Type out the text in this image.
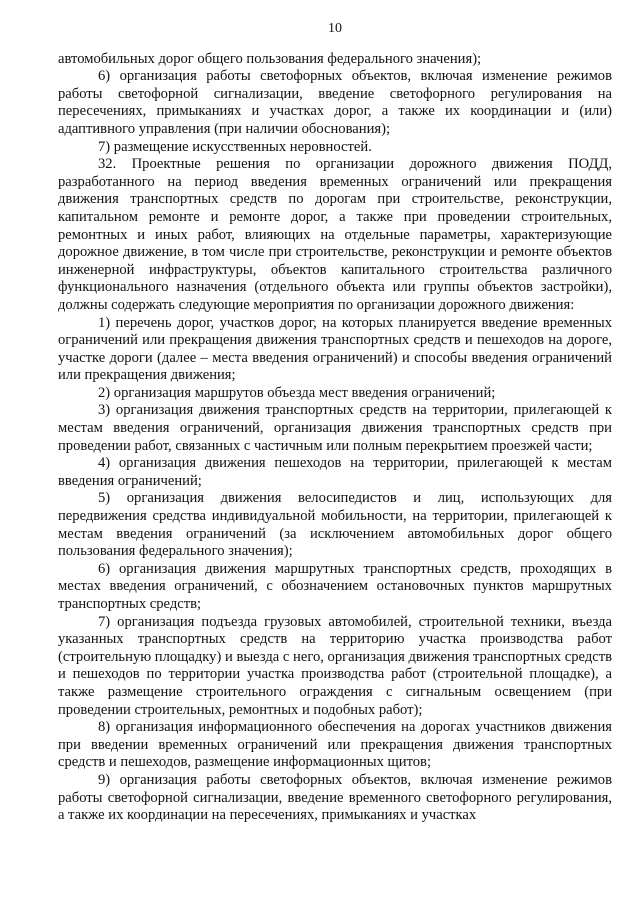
10

автомобильных дорог общего пользования федерального значения);

6) организация работы светофорных объектов, включая изменение режимов работы светофорной сигнализации, введение светофорного регулирования на пересечениях, примыканиях и участках дорог, а также их координации и (или) адаптивного управления (при наличии обоснования);

7) размещение искусственных неровностей.

32. Проектные решения по организации дорожного движения ПОДД, разработанного на период введения временных ограничений или прекращения движения транспортных средств по дорогам при строительстве, реконструкции, капитальном ремонте и ремонте дорог, а также при проведении строительных, ремонтных и иных работ, влияющих на отдельные параметры, характеризующие дорожное движение, в том числе при строительстве, реконструкции и ремонте объектов инженерной инфраструктуры, объектов капитального строительства различного функционального назначения (отдельного объекта или группы объектов застройки), должны содержать следующие мероприятия по организации дорожного движения:

1) перечень дорог, участков дорог, на которых планируется введение временных ограничений или прекращения движения транспортных средств и пешеходов на дороге, участке дороги (далее – места введения ограничений) и способы введения ограничений или прекращения движения;

2) организация маршрутов объезда мест введения ограничений;

3) организация движения транспортных средств на территории, прилегающей к местам введения ограничений, организация движения транспортных средств при проведении работ, связанных с частичным или полным перекрытием проезжей части;

4) организация движения пешеходов на территории, прилегающей к местам введения ограничений;

5) организация движения велосипедистов и лиц, использующих для передвижения средства индивидуальной мобильности, на территории, прилегающей к местам введения ограничений (за исключением автомобильных дорог общего пользования федерального значения);

6) организация движения маршрутных транспортных средств, проходящих в местах введения ограничений, с обозначением остановочных пунктов маршрутных транспортных средств;

7) организация подъезда грузовых автомобилей, строительной техники, въезда указанных транспортных средств на территорию участка производства работ (строительную площадку) и выезда с него, организация движения транспортных средств и пешеходов по территории участка производства работ (строительной площадке), а также размещение строительного ограждения с сигнальным освещением (при проведении строительных, ремонтных и подобных работ);

8) организация информационного обеспечения на дорогах участников движения при введении временных ограничений или прекращения движения транспортных средств и пешеходов, размещение информационных щитов;

9) организация работы светофорных объектов, включая изменение режимов работы светофорной сигнализации, введение временного светофорного регулирования, а также их координации на пересечениях, примыканиях и участках
